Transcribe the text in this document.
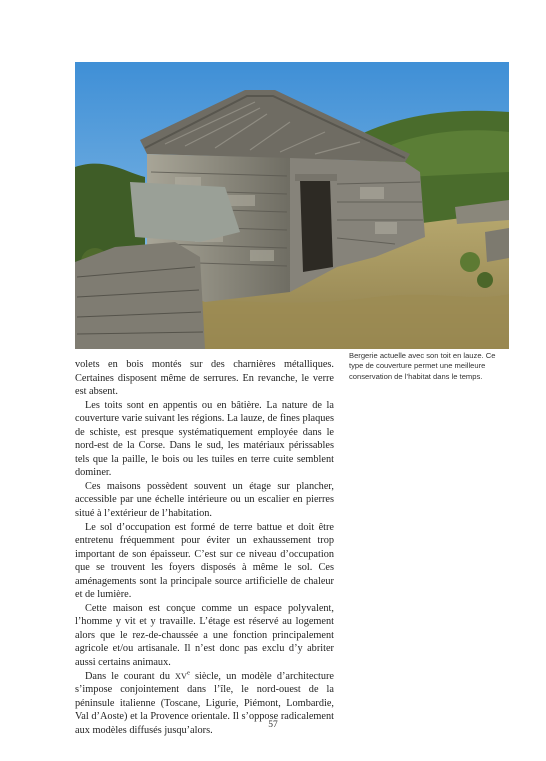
Bergerie actuelle avec son toit en lauze. Ce type de couverture permet une meilleure conservation de l’habitat dans le temps.

volets en bois montés sur des charnières métalliques. Certaines disposent même de serrures. En revanche, le verre est absent.

Les toits sont en appentis ou en bâtière. La nature de la couverture varie suivant les régions. La lauze, de fines plaques de schiste, est presque systématiquement employée dans le nord-est de la Corse. Dans le sud, les matériaux périssables tels que la paille, le bois ou les tuiles en terre cuite semblent dominer.

Ces maisons possèdent souvent un étage sur plancher, accessible par une échelle intérieure ou un escalier en pierres situé à l’extérieur de l’habitation.

Le sol d’occupation est formé de terre battue et doit être entretenu fréquemment pour éviter un exhaussement trop important de son épaisseur. C’est sur ce niveau d’occupation que se trouvent les foyers disposés à même le sol. Ces aménagements sont la principale source artificielle de chaleur et de lumière.

Cette maison est conçue comme un espace polyvalent, l’homme y vit et y travaille. L’étage est réservé au logement alors que le rez-de-chaussée a une fonction principalement agricole et/ou artisanale. Il n’est donc pas exclu d’y abriter aussi certains animaux.

Dans le courant du XVe siècle, un modèle d’architecture s’impose conjointement dans l’île, le nord-ouest de la péninsule italienne (Toscane, Ligurie, Piémont, Lombardie, Val d’Aoste) et la Provence orientale. Il s’oppose radicalement aux modèles diffusés jusqu’alors.	57
